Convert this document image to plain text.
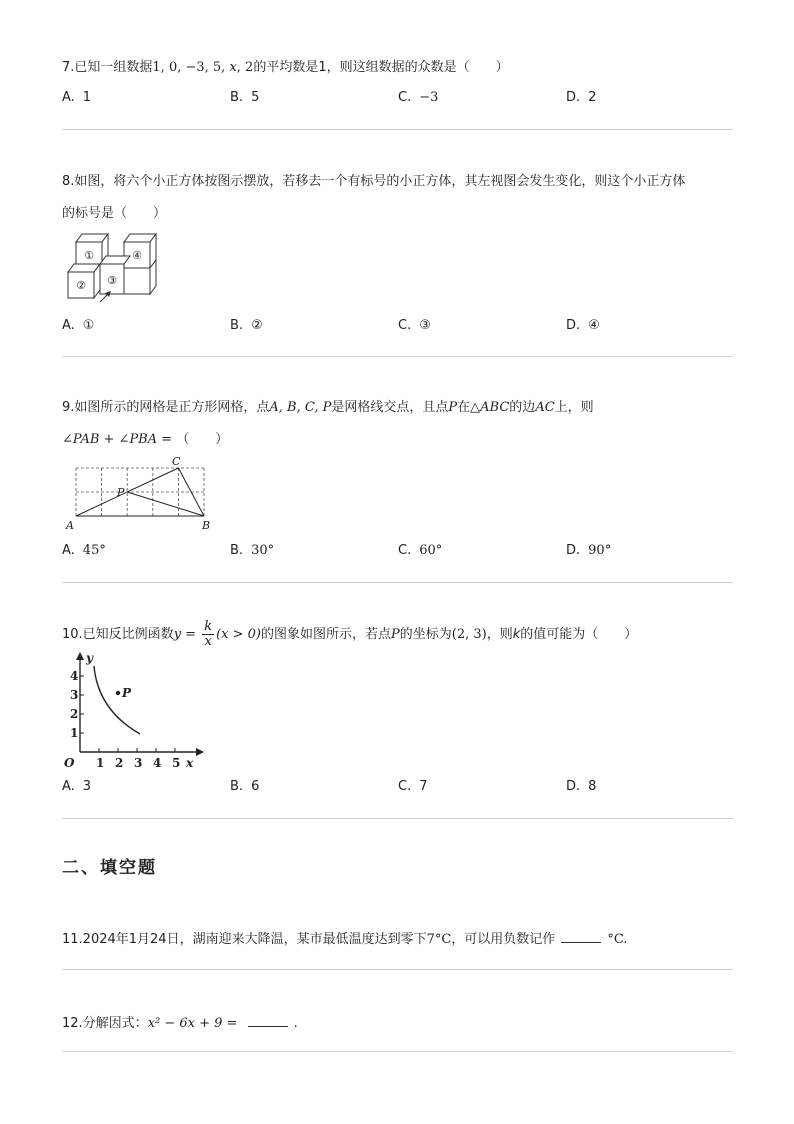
7.已知一组数据1, 0, −3, 5, x, 2的平均数是1，则这组数据的众数是（　　）
A. 1	B. 5	C. −3	D. 2
8.如图，将六个小正方体按图示摆放，若移去一个有标号的小正方体，其左视图会发生变化，则这个小正方体
的标号是（　　）
①	④
③
②
A. ①	B. ②	C. ③	D. ④
9.如图所示的网格是正方形网格，点A, B, C, P是网格线交点，且点P在△ABC的边AC上，则
∠PAB + ∠PBA = （　　）
A	B
C
P
A. 45°	B. 30°	C. 60°	D. 90°
10.已知反比例函数$y = \frac{k}{x} (x > 0)$的图象如图所示，若点P的坐标为(2, 3)，则k的值可能为（　　）
1
2
3
4
1 2 3 4 5
O
y
x
P
A. 3	B. 6	C. 7	D. 8
二、填空题
11.2024年1月24日，湖南迎来大降温，某市最低温度达到零下7°C，可以用负数记作	°C.
12.分解因式：x² − 6x + 9 =	.
